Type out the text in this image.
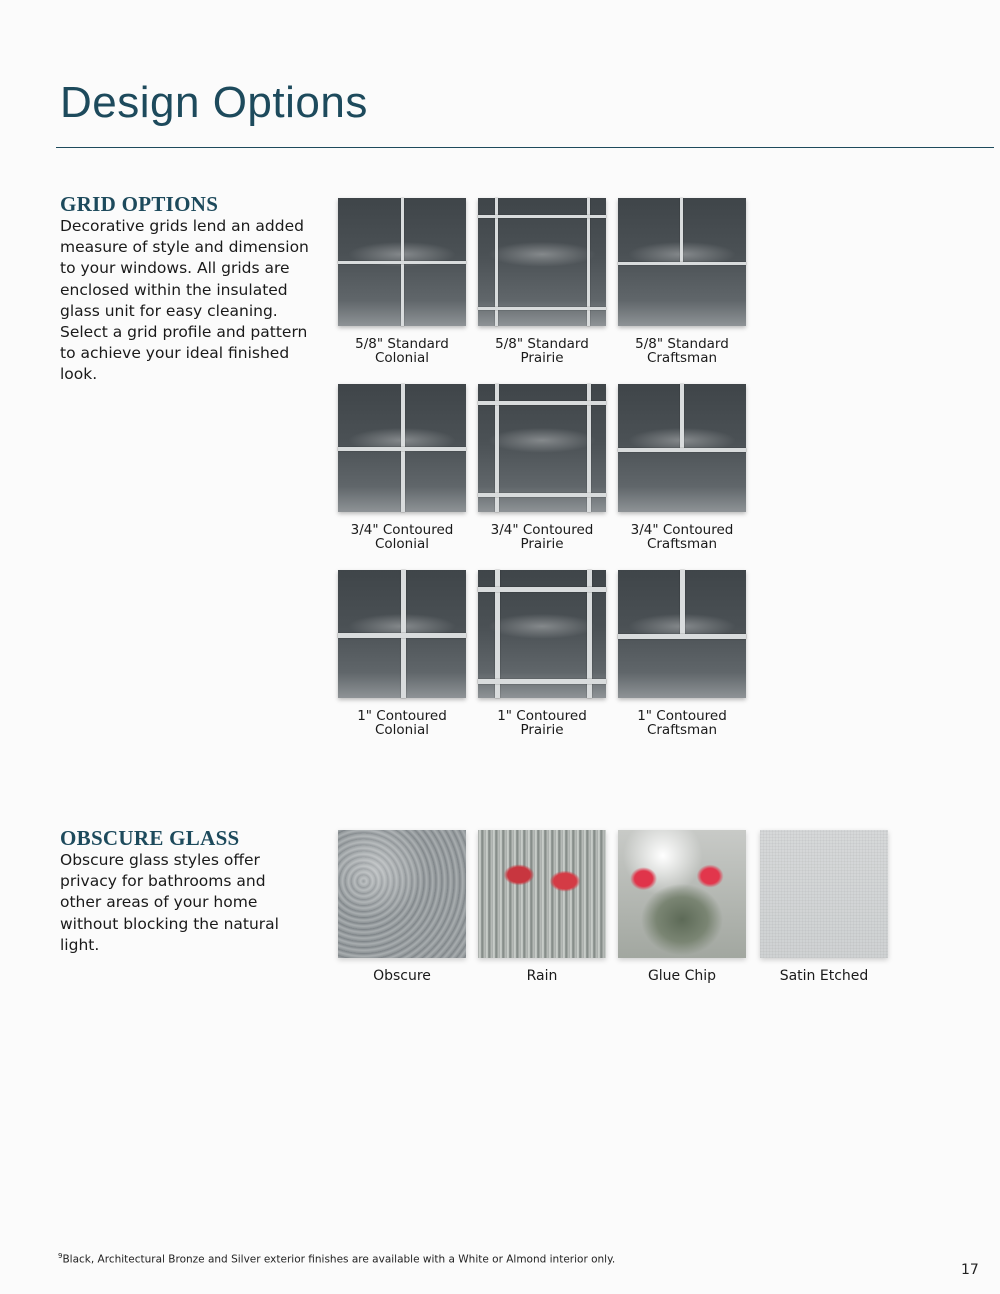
Design Options
GRID OPTIONS

Decorative grids lend an added measure of style and dimension to your windows. All grids are enclosed within the insulated glass unit for easy cleaning. Select a grid profile and pattern to achieve your ideal finished look.

5/8" Standard
Colonial
5/8" Standard
Prairie
5/8" Standard
Craftsman
3/4" Contoured
Colonial
3/4" Contoured
Prairie
3/4" Contoured
Craftsman
1" Contoured
Colonial
1" Contoured
Prairie
1" Contoured
Craftsman
OBSCURE GLASS

Obscure glass styles offer privacy for bathrooms and other areas of your home without blocking the natural light.

Obscure	Rain	Glue Chip	Satin Etched
$^9$Black, Architectural Bronze and Silver exterior finishes are available with a White or Almond interior only.
17
